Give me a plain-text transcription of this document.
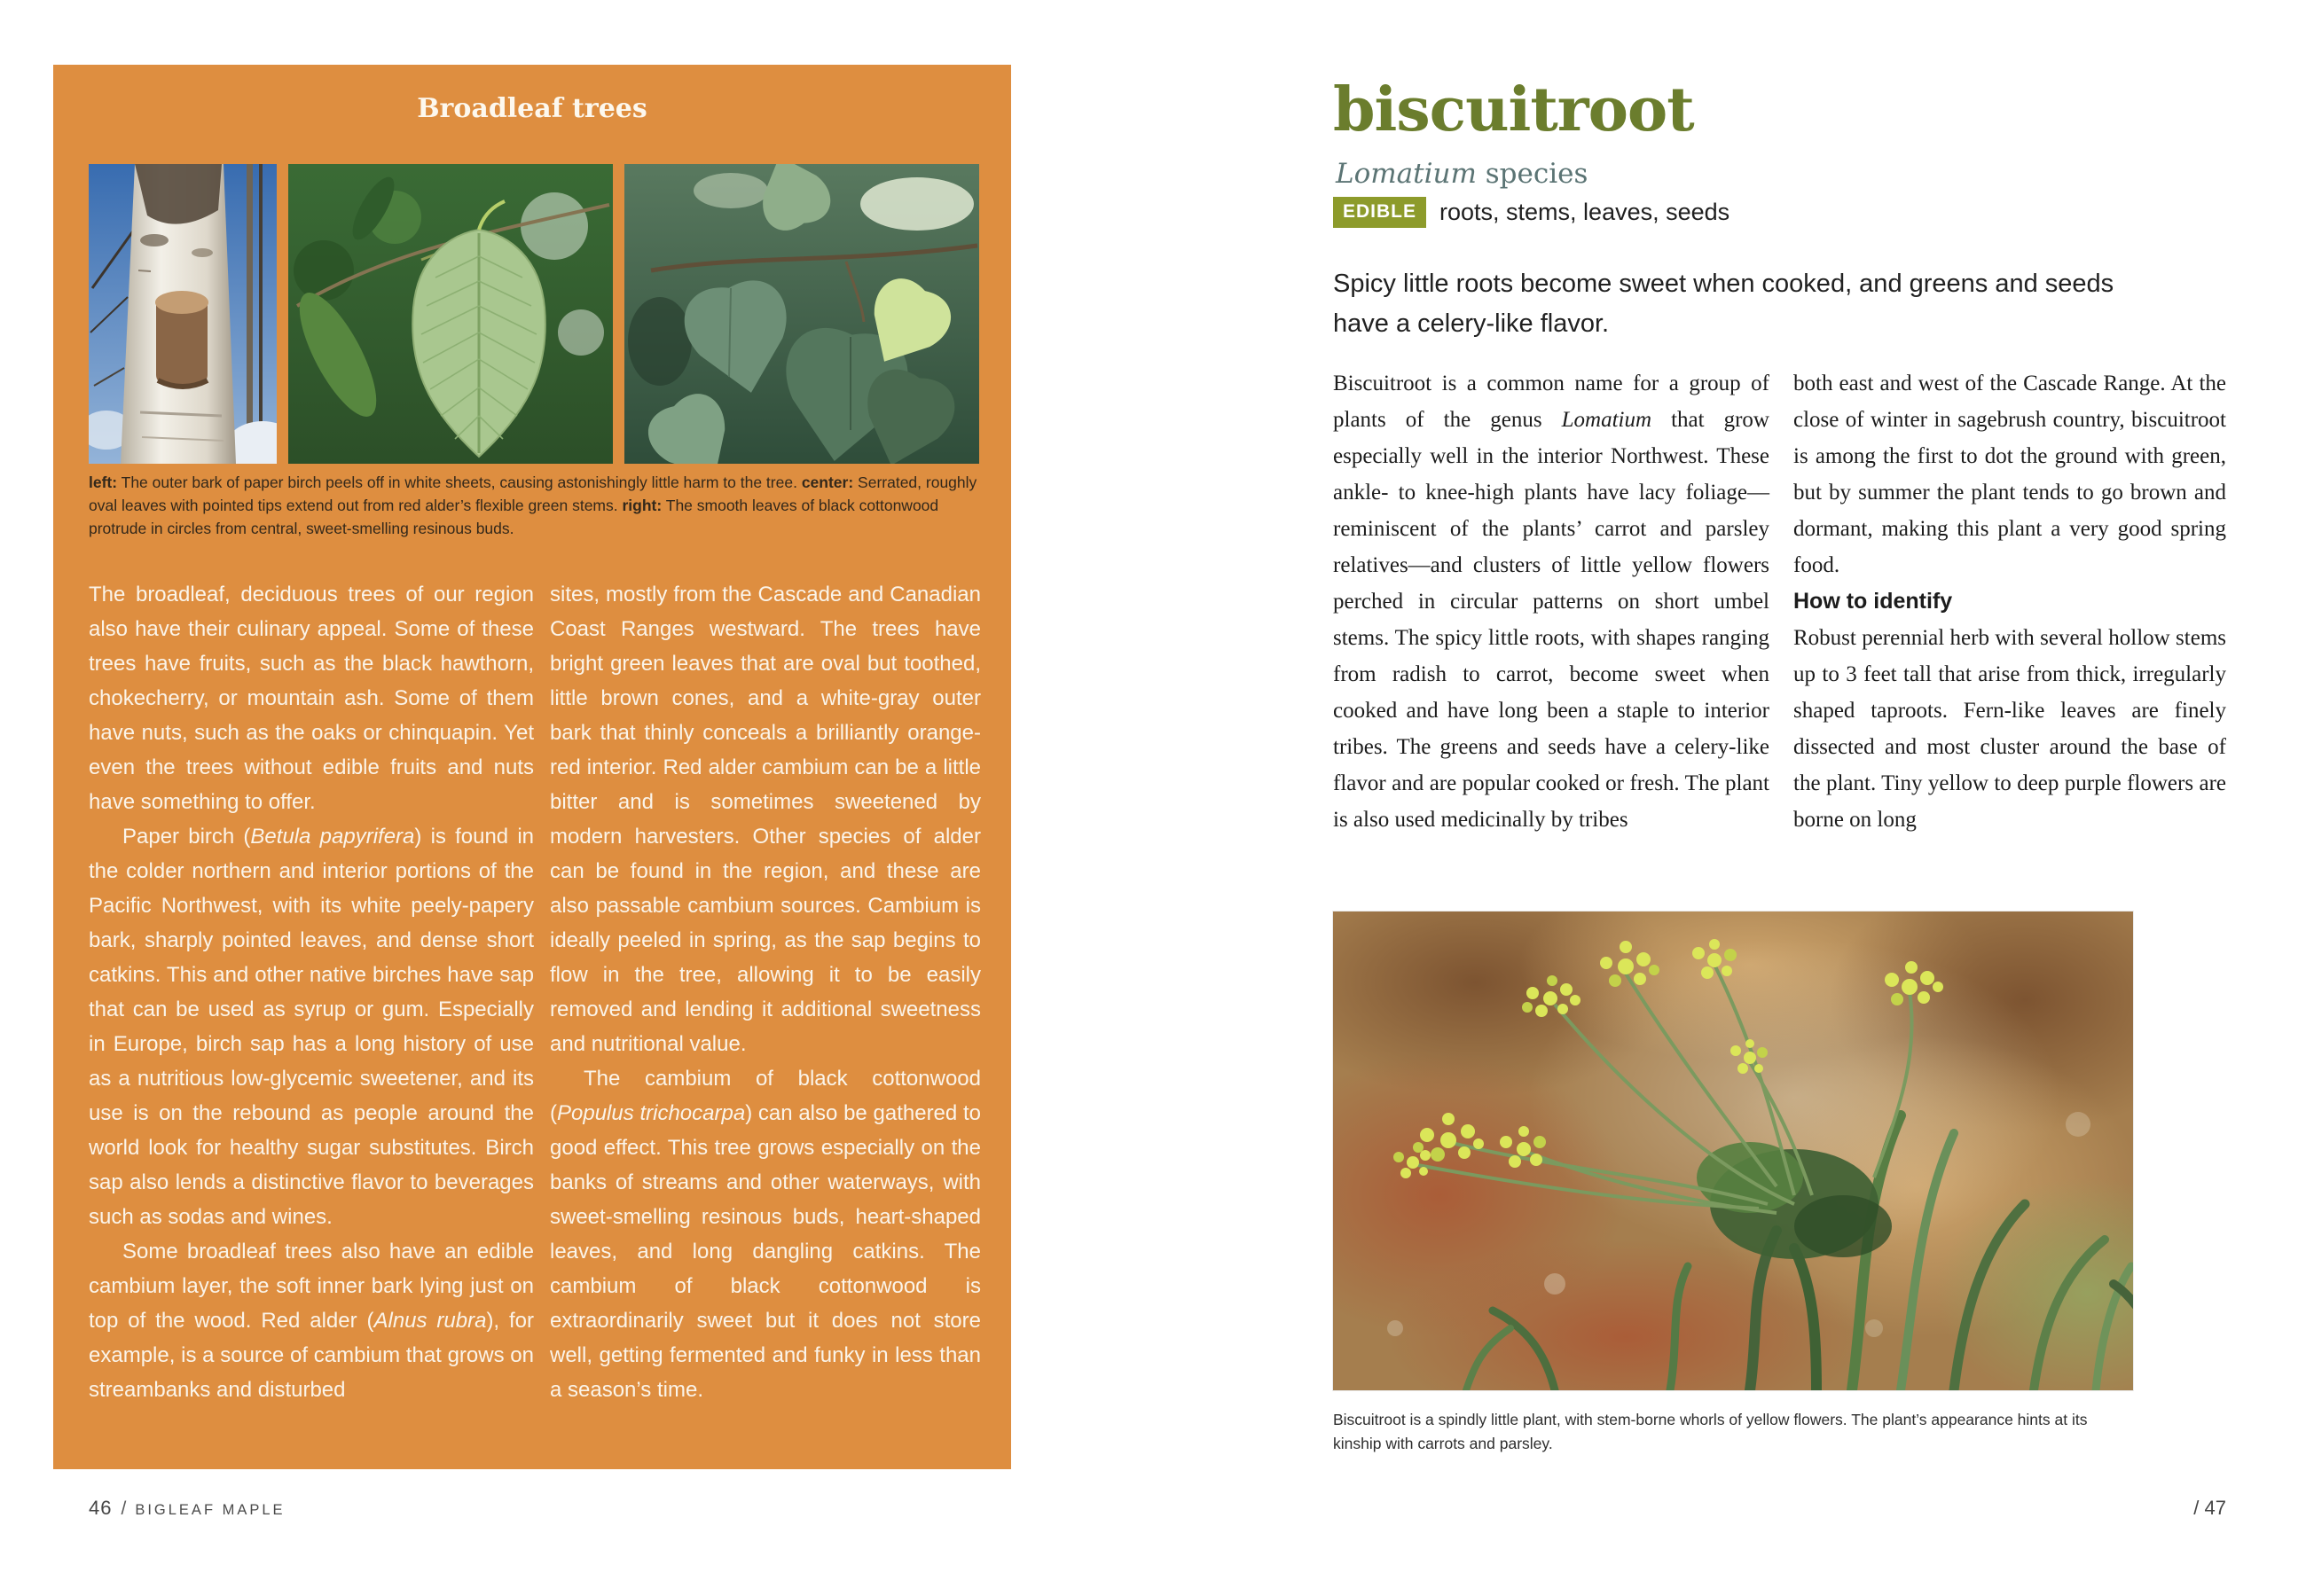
Broadleaf trees

left: The outer bark of paper birch peels off in white sheets, causing astonishingly little harm to the tree. center: Serrated, roughly oval leaves with pointed tips extend out from red alder’s flexible green stems. right: The smooth leaves of black cottonwood protrude in circles from central, sweet-smelling resinous buds.

The broadleaf, deciduous trees of our region also have their culinary appeal. Some of these trees have fruits, such as the black hawthorn, chokecherry, or mountain ash. Some of them have nuts, such as the oaks or chinquapin. Yet even the trees without edible fruits and nuts have something to offer.

Paper birch (Betula papyrifera) is found in the colder northern and interior portions of the Pacific Northwest, with its white peely-papery bark, sharply pointed leaves, and dense short catkins. This and other native birches have sap that can be used as syrup or gum. Especially in Europe, birch sap has a long history of use as a nutritious low-glycemic sweetener, and its use is on the rebound as people around the world look for healthy sugar substitutes. Birch sap also lends a distinctive flavor to beverages such as sodas and wines.

Some broadleaf trees also have an edible cambium layer, the soft inner bark lying just on top of the wood. Red alder (Alnus rubra), for example, is a source of cambium that grows on streambanks and disturbed

sites, mostly from the Cascade and Canadian Coast Ranges westward. The trees have bright green leaves that are oval but toothed, little brown cones, and a white-gray outer bark that thinly conceals a brilliantly orange-red interior. Red alder cambium can be a little bitter and is sometimes sweetened by modern harvesters. Other species of alder can be found in the region, and these are also passable cambium sources. Cambium is ideally peeled in spring, as the sap begins to flow in the tree, allowing it to be easily removed and lending it additional sweetness and nutritional value.

The cambium of black cottonwood (Populus trichocarpa) can also be gathered to good effect. This tree grows especially on the banks of streams and other waterways, with sweet-smelling resinous buds, heart-shaped leaves, and long dangling catkins. The cambium of black cottonwood is extraordinarily sweet but it does not store well, getting fermented and funky in less than a season’s time.

46 / BIGLEAF MAPLE
biscuitroot

Lomatium species

EDIBLE roots, stems, leaves, seeds

Spicy little roots become sweet when cooked, and greens and seeds have a celery-like flavor.

Biscuitroot is a common name for a group of plants of the genus Lomatium that grow especially well in the interior Northwest. These ankle- to knee-high plants have lacy foliage—reminiscent of the plants’ carrot and parsley relatives—and clusters of little yellow flowers perched in circular patterns on short umbel stems. The spicy little roots, with shapes ranging from radish to carrot, become sweet when cooked and have long been a staple to interior tribes. The greens and seeds have a celery-like flavor and are popular cooked or fresh. The plant is also used medicinally by tribes

both east and west of the Cascade Range. At the close of winter in sagebrush country, biscuitroot is among the first to dot the ground with green, but by summer the plant tends to go brown and dormant, making this plant a very good spring food.

How to identify

Robust perennial herb with several hollow stems up to 3 feet tall that arise from thick, irregularly shaped taproots. Fern-like leaves are finely dissected and most cluster around the base of the plant. Tiny yellow to deep purple flowers are borne on long

Biscuitroot is a spindly little plant, with stem-borne whorls of yellow flowers. The plant’s appearance hints at its kinship with carrots and parsley.

/ 47
